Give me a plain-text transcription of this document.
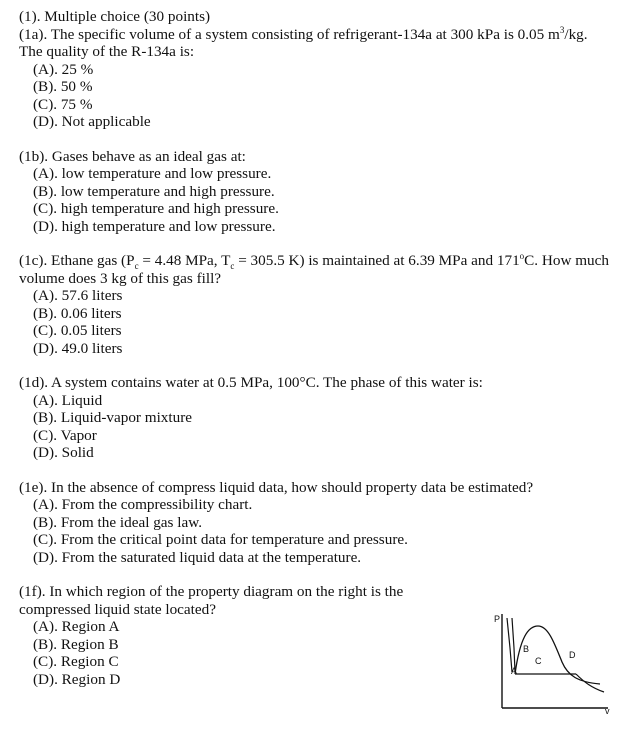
(1). Multiple choice (30 points)

(1a). The specific volume of a system consisting of refrigerant-134a at 300 kPa is 0.05 $m^3/kg$.

The quality of the R-134a is:

(A). 25 %
(B). 50 %
(C). 75 %
(D). Not applicable

(1b). Gases behave as an ideal gas at:

(A). low temperature and low pressure.
(B). low temperature and high pressure.
(C). high temperature and high pressure.
(D). high temperature and low pressure.

(1c). Ethane gas ($P_c = 4.48$ MPa, $T_c = 305.5$ K) is maintained at 6.39 MPa and 171$^o$C. How much

volume does 3 kg of this gas fill?

(A). 57.6 liters
(B). 0.06 liters
(C). 0.05 liters
(D). 49.0 liters

(1d). A system contains water at 0.5 MPa, 100°C. The phase of this water is:

(A). Liquid
(B). Liquid-vapor mixture
(C). Vapor
(D). Solid

(1e). In the absence of compress liquid data, how should property data be estimated?

(A). From the compressibility chart.
(B). From the ideal gas law.
(C). From the critical point data for temperature and pressure.
(D). From the saturated liquid data at the temperature.

(1f). In which region of the property diagram on the right is the

compressed liquid state located?

(A). Region A
(B). Region B
(C). Region C
(D). Region D
P
v
B
C
D
A
